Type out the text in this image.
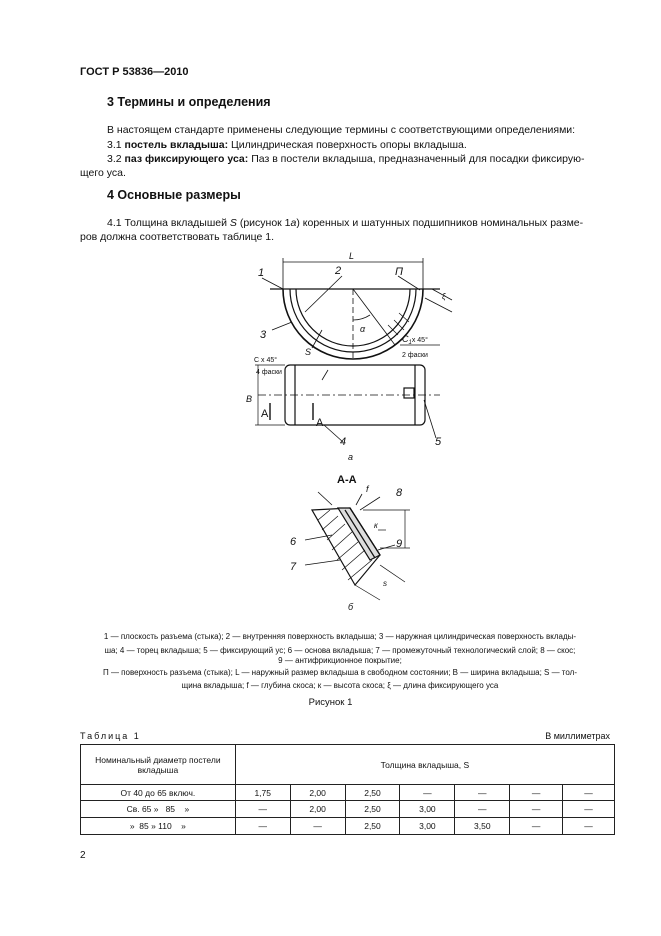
ГОСТ Р 53836—2010
3 Термины и определения
В настоящем стандарте применены следующие термины с соответствующими определениями:
3.1 постель вкладыша: Цилиндрическая поверхность опоры вкладыша.
3.2 паз фиксирующего уса: Паз в постели вкладыша, предназначенный для посадки фиксирую-
щего уса.
4 Основные размеры
4.1 Толщина вкладышей S (рисунок 1а) коренных и шатунных подшипников номинальных разме-
ров должна соответствовать таблице 1.
1	2	П
L
3
S
α
ξ
$C_1^{x 45^\circ}$
2 фаски
C x 45°
4 фаски
B
A
A
4	5
а
А-А
f 8
к
6	9
7
s
б
1 — плоскость разъема (стыка); 2 — внутренняя поверхность вкладыша; 3 — наружная цилиндрическая поверхность вклады-
ша; 4 — торец вкладыша; 5 — фиксирующий ус; 6 — основа вкладыша; 7 — промежуточный технологический слой; 8 — скос;
9 — антифрикционное покрытие;
П — поверхность разъема (стыка); L — наружный размер вкладыша в свободном состоянии; B — ширина вкладыша; S — тол-
щина вкладыша; f — глубина скоса; к — высота скоса; ξ — длина фиксирующего уса
Рисунок 1
Таблица 1	В миллиметрах
Номинальный диаметр постели вкладыша	Толщина вкладыша, S						
От 40 до 65 включ.	1,75	2,00	2,50	—	—	—	—
Св. 65 »   85    »	—	2,00	2,50	3,00	—	—	—
»  85 » 110    »	—	—	2,50	3,00	3,50	—	—
2
